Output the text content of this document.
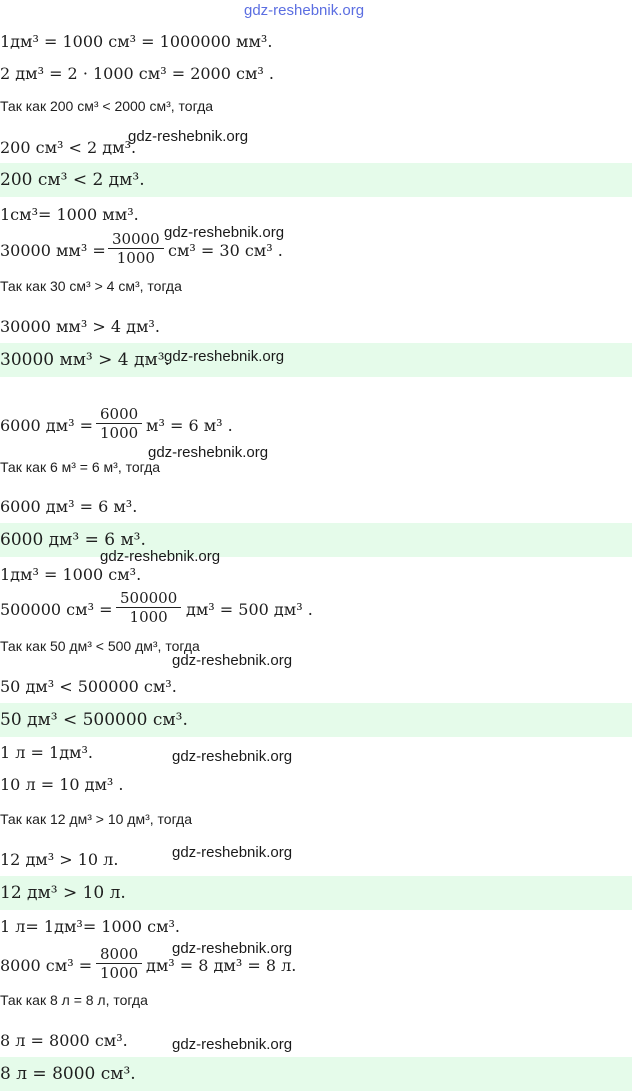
gdz-reshebnik.org
1дм³ = 1000 см³ = 1000000 мм³.
2 дм³ = 2 · 1000 см³ = 2000 см³ .
Так как 200 см³ < 2000 см³, тогда
200 см³ < 2 дм³.
gdz-reshebnik.org
200 см³ < 2 дм³.
1см³= 1000 мм³.
30000 $мм^3 = \frac{30000}{1000} см^3 = 30$ см³ .
gdz-reshebnik.org
Так как 30 см³ > 4 см³, тогда
30000 мм³ > 4 дм³.
30000 мм³ > 4 дм³.
gdz-reshebnik.org
6000 $дм^3 = \frac{6000}{1000} м^3 = 6$ м³ .
gdz-reshebnik.org
Так как 6 м³ = 6 м³, тогда
6000 дм³ = 6 м³.
6000 дм³ = 6 м³.
gdz-reshebnik.org
1дм³ = 1000 см³.
500000 $см^3 = \frac{500000}{1000} дм^3 = 500$ дм³ .
Так как 50 дм³ < 500 дм³, тогда
gdz-reshebnik.org
50 дм³ < 500000 см³.
50 дм³ < 500000 см³.
1 л = 1дм³.	gdz-reshebnik.org
10 л = 10 дм³ .
Так как 12 дм³ > 10 дм³, тогда
gdz-reshebnik.org
12 дм³ > 10 л.
12 дм³ > 10 л.
1 л= 1дм³= 1000 см³.
gdz-reshebnik.org
8000 $см^3 = \frac{8000}{1000} дм^3 = 8$ дм³ = 8 л.
Так как 8 л = 8 л, тогда
gdz-reshebnik.org
8 л = 8000 см³.
8 л = 8000 см³.
